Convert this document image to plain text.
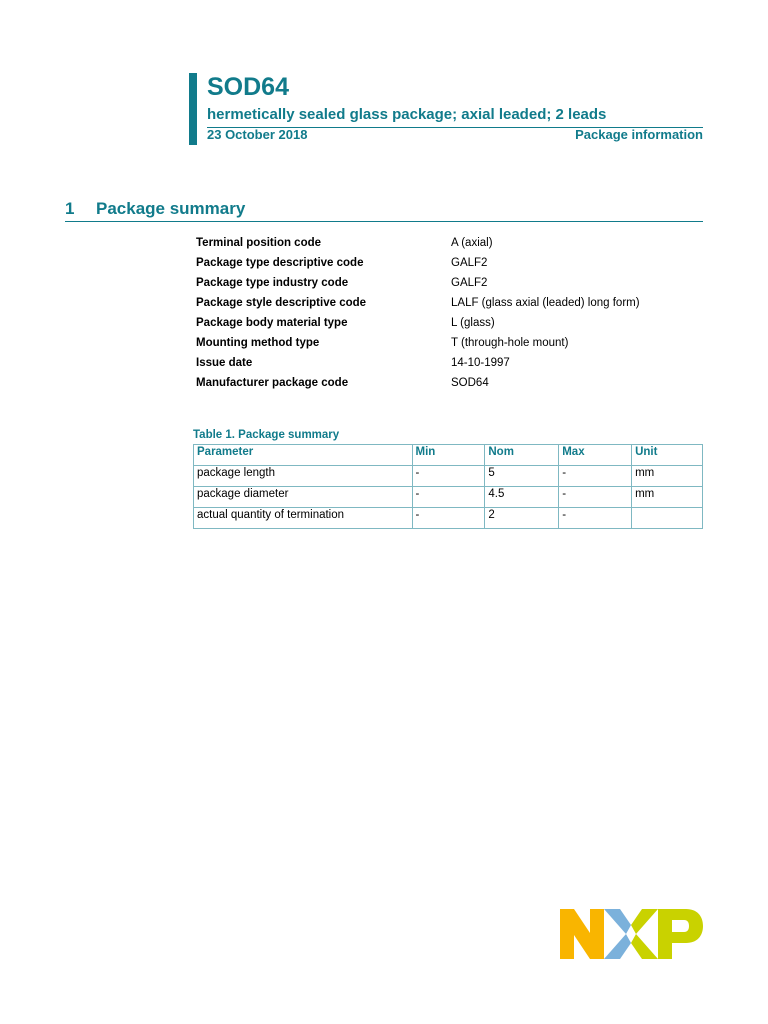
SOD64
hermetically sealed glass package; axial leaded; 2 leads
23 October 2018	Package information
1 Package summary
Terminal position code	A (axial)
Package type descriptive code	GALF2
Package type industry code	GALF2
Package style descriptive code	LALF (glass axial (leaded) long form)
Package body material type	L (glass)
Mounting method type	T (through-hole mount)
Issue date	14-10-1997
Manufacturer package code	SOD64
Table 1. Package summary
Parameter	Min	Nom	Max	Unit
package length	-	5	-	mm
package diameter	-	4.5	-	mm
actual quantity of termination	-	2	-	
